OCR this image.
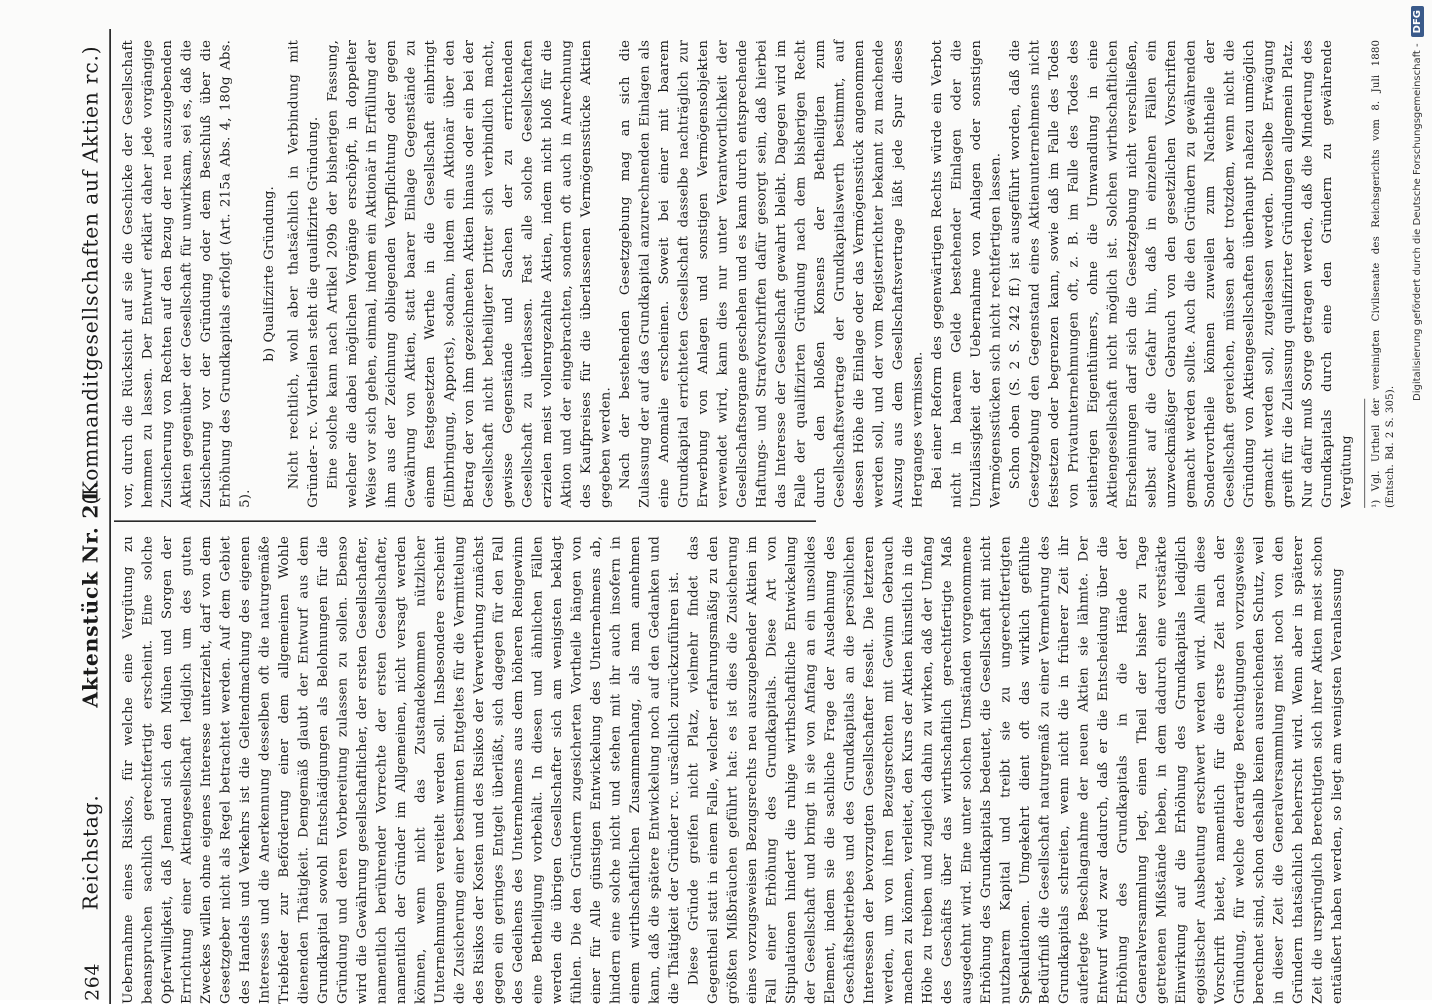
264
Reichstag.
Aktenstück Nr. 21.
(Kommanditgesellschaften auf Aktien rc.)

Uebernahme eines Risikos, für welche eine Vergütung zu beanspruchen sachlich gerechtfertigt erscheint. Eine solche Opferwilligkeit, daß Jemand sich den Mühen und Sorgen der Errichtung einer Aktiengesellschaft lediglich um des guten Zweckes willen ohne eigenes Interesse unterzieht, darf von dem Gesetzgeber nicht als Regel betrachtet werden. Auf dem Gebiet des Handels und Verkehrs ist die Geltendmachung des eigenen Interesses und die Anerkennung desselben oft die naturgemäße Triebfeder zur Beförderung einer dem allgemeinen Wohle dienenden Thätigkeit. Demgemäß glaubt der Entwurf aus dem Grundkapital sowohl Entschädigungen als Belohnungen für die Gründung und deren Vorbereitung zulassen zu sollen. Ebenso wird die Gewährung gesellschaftlicher, der ersten Gesellschafter, namentlich berührender Vorrechte der ersten Gesellschafter, namentlich der Gründer im Allgemeinen, nicht versagt werden können, wenn nicht das Zustandekommen nützlicher Unternehmungen vereitelt werden soll. Insbesondere erscheint die Zusicherung einer bestimmten Entgeltes für die Vermittelung des Risikos der Kosten und des Risikos der Verwerthung zunächst gegen ein geringes Entgelt überläßt, sich dagegen für den Fall des Gedeihens des Unternehmens aus dem höheren Reingewinn eine Betheiligung vorbehält. In diesen und ähnlichen Fällen werden die übrigen Gesellschafter sich am wenigsten beklagt fühlen. Die den Gründern zugesicherten Vortheile hängen von einer für Alle günstigen Entwickelung des Unternehmens ab, hindern eine solche nicht und stehen mit ihr auch insofern in einem wirthschaftlichen Zusammenhang, als man annehmen kann, daß die spätere Entwickelung noch auf den Gedanken und die Thätigkeit der Gründer rc. ursächlich zurückzuführen ist. Diese Gründe greifen nicht Platz, vielmehr findet das Gegentheil statt in einem Falle, welcher erfahrungsmäßig zu den größten Mißbräuchen geführt hat: es ist dies die Zusicherung eines vorzugsweisen Bezugsrechts neu auszugebender Aktien im Fall einer Erhöhung des Grundkapitals. Diese Art von Stipulationen hindert die ruhige wirthschaftliche Entwickelung der Gesellschaft und bringt in sie von Anfang an ein unsolides Element, indem sie die sachliche Frage der Ausdehnung des Geschäftsbetriebes und des Grundkapitals an die persönlichen Interessen der bevorzugten Gesellschafter fesselt. Die letzteren werden, um von ihren Bezugsrechten mit Gewinn Gebrauch machen zu können, verleitet, den Kurs der Aktien künstlich in die Höhe zu treiben und zugleich dahin zu wirken, daß der Umfang des Geschäfts über das wirthschaftlich gerechtfertigte Maß ausgedehnt wird. Eine unter solchen Umständen vorgenommene Erhöhung des Grundkapitals bedeutet, die Gesellschaft mit nicht nutzbarem Kapital und treibt sie zu ungerechtfertigten Spekulationen. Umgekehrt dient oft das wirklich gefühlte Bedürfniß die Gesellschaft naturgemäß zu einer Vermehrung des Grundkapitals schreiten, wenn nicht die in früherer Zeit ihr auferlegte Beschlagnahme der neuen Aktien sie lähmte. Der Entwurf wird zwar dadurch, daß er die Entscheidung über die Erhöhung des Grundkapitals in die Hände der Generalversammlung legt, einen Theil der bisher zu Tage getretenen Mißstände heben, in dem dadurch eine verstärkte Einwirkung auf die Erhöhung des Grundkapitals lediglich egoistischer Ausbeutung erschwert werden wird. Allein diese Vorschrift bietet, namentlich für die erste Zeit nach der Gründung, für welche derartige Berechtigungen vorzugsweise berechnet sind, schon deshalb keinen ausreichenden Schutz, weil in dieser Zeit die Generalversammlung meist noch von den Gründern thatsächlich beherrscht wird. Wenn aber in späterer Zeit die ursprünglich Berechtigten sich ihrer Aktien meist schon entäußert haben werden, so liegt am wenigsten Veranlassung

vor, durch die Rücksicht auf sie die Geschicke der Gesellschaft hemmen zu lassen. Der Entwurf erklärt daher jede vorgängige Zusicherung von Rechten auf den Bezug der neu auszugebenden Aktien gegenüber der Gesellschaft für unwirksam, sei es, daß die Zusicherung vor der Gründung oder dem Beschluß über die Erhöhung des Grundkapitals erfolgt (Art. 215a Abs. 4, 180g Abs. 5).

b) Qualifizirte Gründung. Nicht rechtlich, wohl aber thatsächlich in Verbindung mit Gründer- rc. Vortheilen steht die qualifizirte Gründung. Eine solche kann nach Artikel 209b der bisherigen Fassung, welcher die dabei möglichen Vorgänge erschöpft, in doppelter Weise vor sich gehen, einmal, indem ein Aktionär in Erfüllung der ihm aus der Zeichnung obliegenden Verpflichtung oder gegen Gewährung von Aktien, statt baarer Einlage Gegenstände zu einem festgesetzten Werthe in die Gesellschaft einbringt (Einbringung, Apports), sodann, indem ein Aktionär über den Betrag der von ihm gezeichneten Aktien hinaus oder ein bei der Gesellschaft nicht betheiligter Dritter sich verbindlich macht, gewisse Gegenstände und Sachen der zu errichtenden Gesellschaft zu überlassen. Fast alle solche Gesellschaften erzielen meist vollenrgezahlte Aktien, indem nicht bloß für die Aktion und der eingebrachten, sondern oft auch in Anrechnung des Kaufpreises für die überlassenen Vermögensstücke Aktien gegeben werden. Nach der bestehenden Gesetzgebung mag an sich die Zulassung der auf das Grundkapital anzurechnenden Einlagen als eine Anomalie erscheinen. Soweit bei einer mit baarem Grundkapital errichteten Gesellschaft dasselbe nachträglich zur Erwerbung von Anlagen und sonstigen Vermögensobjekten verwendet wird, kann dies nur unter Verantwortlichkeit der Gesellschaftsorgane geschehen und es kann durch entsprechende Haftungs- und Strafvorschriften dafür gesorgt sein, daß hierbei das Interesse der Gesellschaft gewahrt bleibt. Dagegen wird im Falle der qualifizirten Gründung nach dem bisherigen Recht durch den bloßen Konsens der Betheiligten zum Gesellschaftsvertrage der Grundkapitalswerth bestimmt, auf dessen Höhe die Einlage oder das Vermögensstück angenommen werden soll, und der vom Registerrichter bekannt zu machende Auszug aus dem Gesellschaftsvertrage läßt jede Spur dieses Herganges vermissen. Bei einer Reform des gegenwärtigen Rechts würde ein Verbot nicht in baarem Gelde bestehender Einlagen oder die Unzulässigkeit der Uebernahme von Anlagen oder sonstigen Vermögensstücken sich nicht rechtfertigen lassen. Schon oben (S. 2 S. 242 ff.) ist ausgeführt worden, daß die Gesetzgebung den Gegenstand eines Aktienunternehmens nicht festsetzen oder begrenzen kann, sowie daß im Falle des Todes von Privatunternehmungen oft, z. B. im Falle des Todes des seitherigen Eigenthümers, ohne die Umwandlung in eine Aktiengesellschaft nicht möglich ist. Solchen wirthschaftlichen Erscheinungen darf sich die Gesetzgebung nicht verschließen, selbst auf die Gefahr hin, daß in einzelnen Fällen ein unzweckmäßiger Gebrauch von den gesetzlichen Vorschriften gemacht werden sollte. Auch die den Gründern zu gewährenden Sondervortheile können zuweilen zum Nachtheile der Gesellschaft gereichen, müssen aber trotzdem, wenn nicht die Gründung von Aktiengesellschaften überhaupt nahezu unmöglich gemacht werden soll, zugelassen werden. Dieselbe Erwägung greift für die Zulassung qualifizirter Gründungen allgemein Platz. Nur dafür muß Sorge getragen werden, daß die Minderung des Grundkapitals durch eine den Gründern zu gewährende Vergütung ¹) Vgl. Urtheil der vereinigten Civilsenate des Reichsgerichts vom 8. Juli 1880 (Entsch. Bd. 2 S. 305).

Digitalisierung gefördert durch die Deutsche Forschungsgemeinschaft -
DFG
